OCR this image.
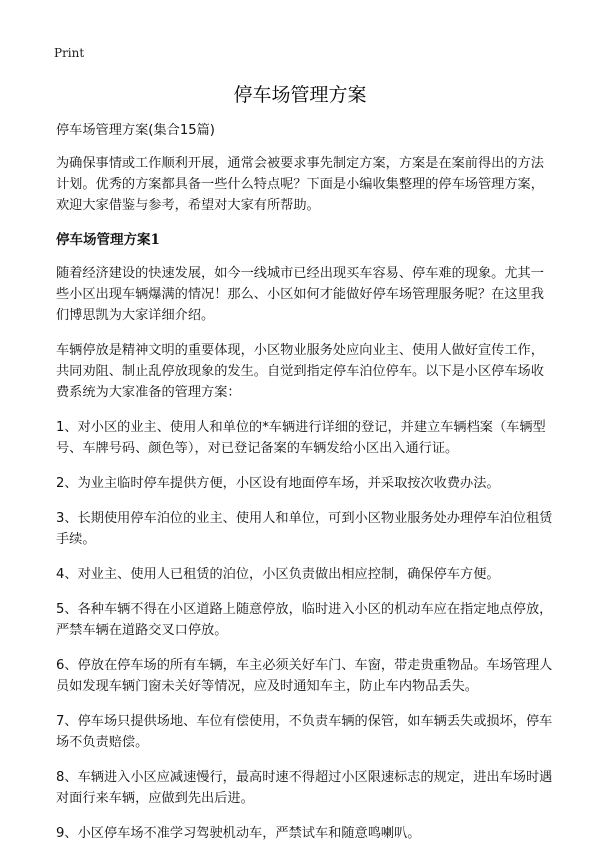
Print
停车场管理方案

停车场管理方案(集合15篇)

为确保事情或工作顺利开展，通常会被要求事先制定方案，方案是在案前得出的方法计划。优秀的方案都具备一些什么特点呢？下面是小编收集整理的停车场管理方案，欢迎大家借鉴与参考，希望对大家有所帮助。

停车场管理方案1

随着经济建设的快速发展，如今一线城市已经出现买车容易、停车难的现象。尤其一些小区出现车辆爆满的情况！那么、小区如何才能做好停车场管理服务呢？在这里我们博思凯为大家详细介绍。

车辆停放是精神文明的重要体现，小区物业服务处应向业主、使用人做好宣传工作，共同劝阻、制止乱停放现象的发生。自觉到指定停车泊位停车。以下是小区停车场收费系统为大家准备的管理方案：

1、对小区的业主、使用人和单位的*车辆进行详细的登记，并建立车辆档案（车辆型号、车牌号码、颜色等），对已登记备案的车辆发给小区出入通行证。

2、为业主临时停车提供方便，小区设有地面停车场，并采取按次收费办法。

3、长期使用停车泊位的业主、使用人和单位，可到小区物业服务处办理停车泊位租赁手续。

4、对业主、使用人已租赁的泊位，小区负责做出相应控制，确保停车方便。

5、各种车辆不得在小区道路上随意停放，临时进入小区的机动车应在指定地点停放，严禁车辆在道路交叉口停放。

6、停放在停车场的所有车辆，车主必须关好车门、车窗，带走贵重物品。车场管理人员如发现车辆门窗未关好等情况，应及时通知车主，防止车内物品丢失。

7、停车场只提供场地、车位有偿使用，不负责车辆的保管，如车辆丢失或损坏，停车场不负责赔偿。

8、车辆进入小区应减速慢行，最高时速不得超过小区限速标志的规定，进出车场时遇对面行来车辆，应做到先出后进。

9、小区停车场不准学习驾驶机动车，严禁试车和随意鸣喇叭。
